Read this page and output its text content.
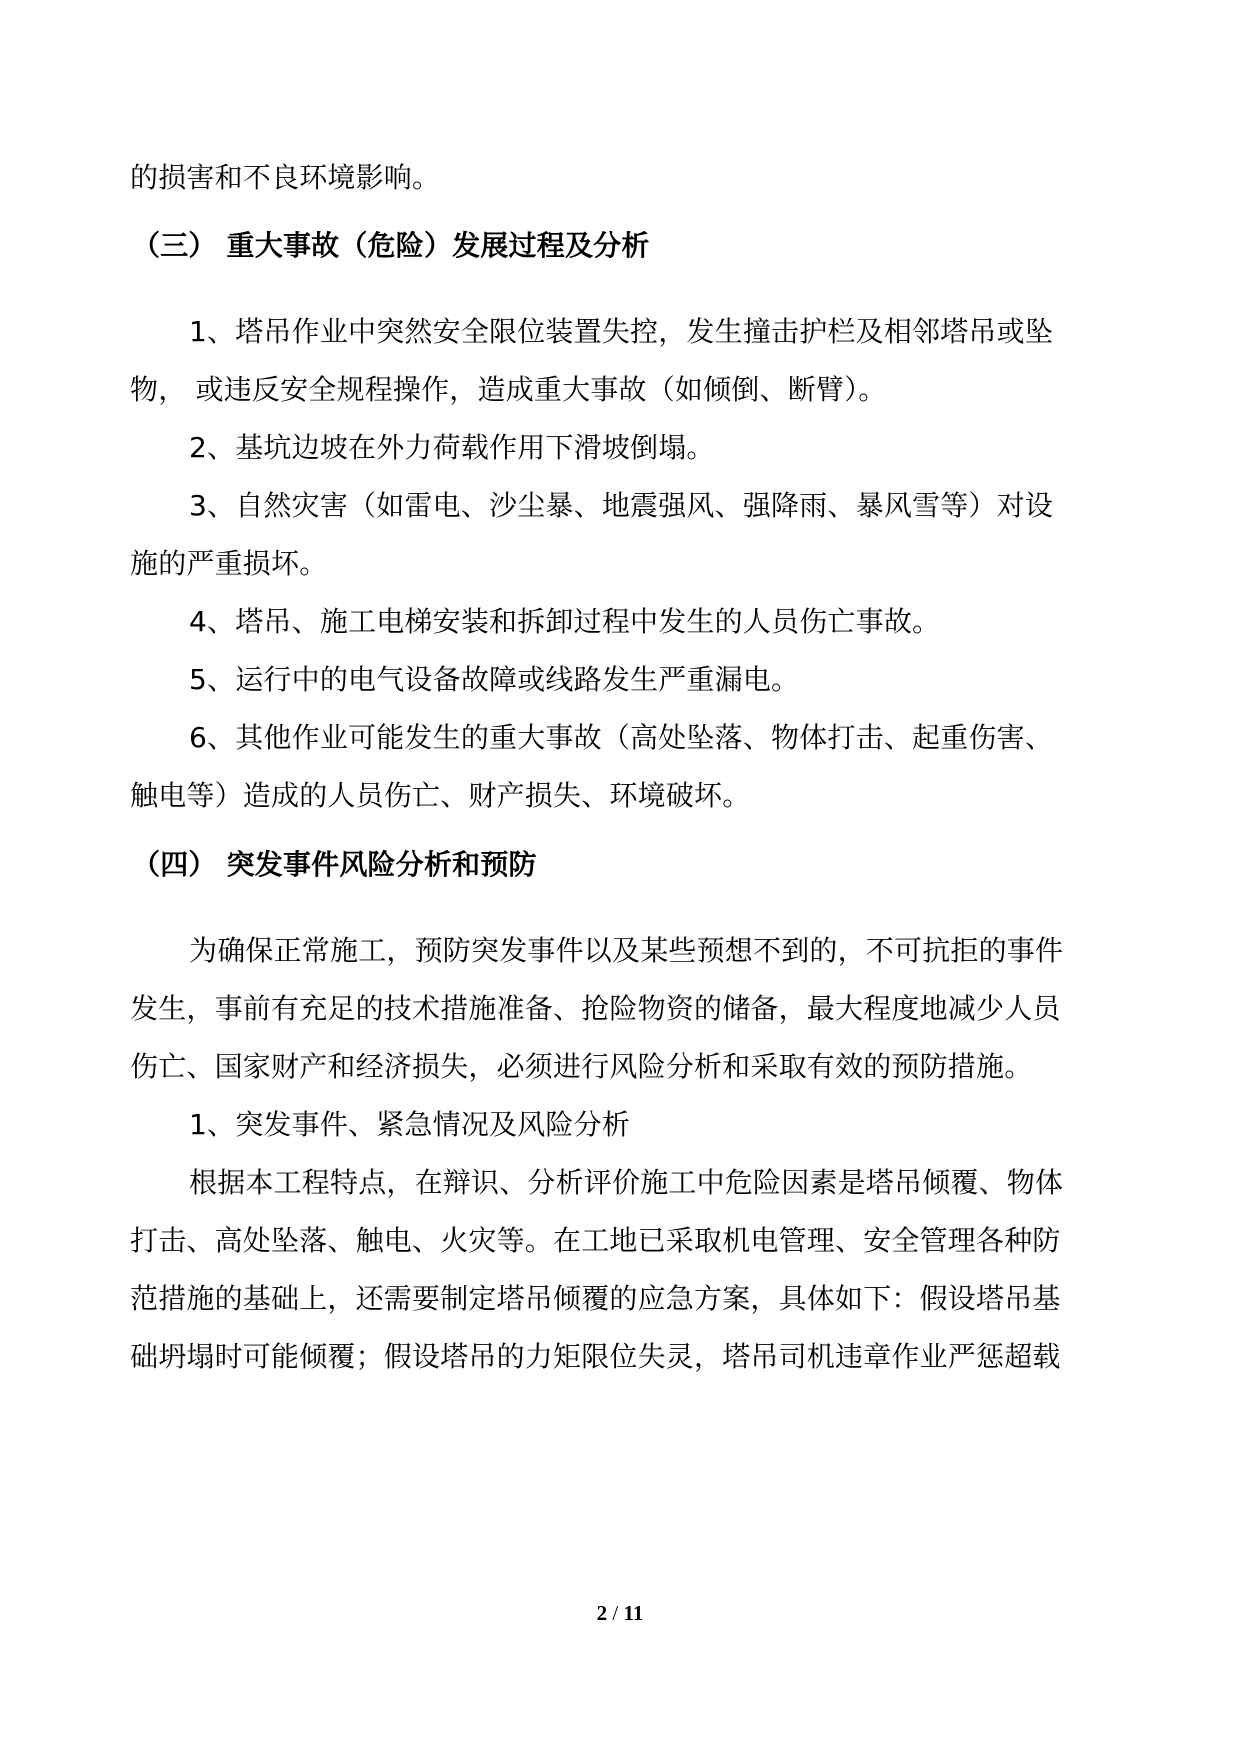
的损害和不良环境影响。
（三） 重大事故（危险）发展过程及分析
1、塔吊作业中突然安全限位装置失控，发生撞击护栏及相邻塔吊或坠
物， 或违反安全规程操作，造成重大事故（如倾倒、断臂）。
2、基坑边坡在外力荷载作用下滑坡倒塌。
3、自然灾害（如雷电、沙尘暴、地震强风、强降雨、暴风雪等）对设
施的严重损坏。
4、塔吊、施工电梯安装和拆卸过程中发生的人员伤亡事故。
5、运行中的电气设备故障或线路发生严重漏电。
6、其他作业可能发生的重大事故（高处坠落、物体打击、起重伤害、
触电等）造成的人员伤亡、财产损失、环境破坏。
（四） 突发事件风险分析和预防
为确保正常施工，预防突发事件以及某些预想不到的，不可抗拒的事件
发生，事前有充足的技术措施准备、抢险物资的储备，最大程度地减少人员
伤亡、国家财产和经济损失，必须进行风险分析和采取有效的预防措施。
1、突发事件、紧急情况及风险分析
根据本工程特点，在辩识、分析评价施工中危险因素是塔吊倾覆、物体
打击、高处坠落、触电、火灾等。在工地已采取机电管理、安全管理各种防
范措施的基础上，还需要制定塔吊倾覆的应急方案，具体如下：假设塔吊基
础坍塌时可能倾覆；假设塔吊的力矩限位失灵，塔吊司机违章作业严惩超载
2 / 11
